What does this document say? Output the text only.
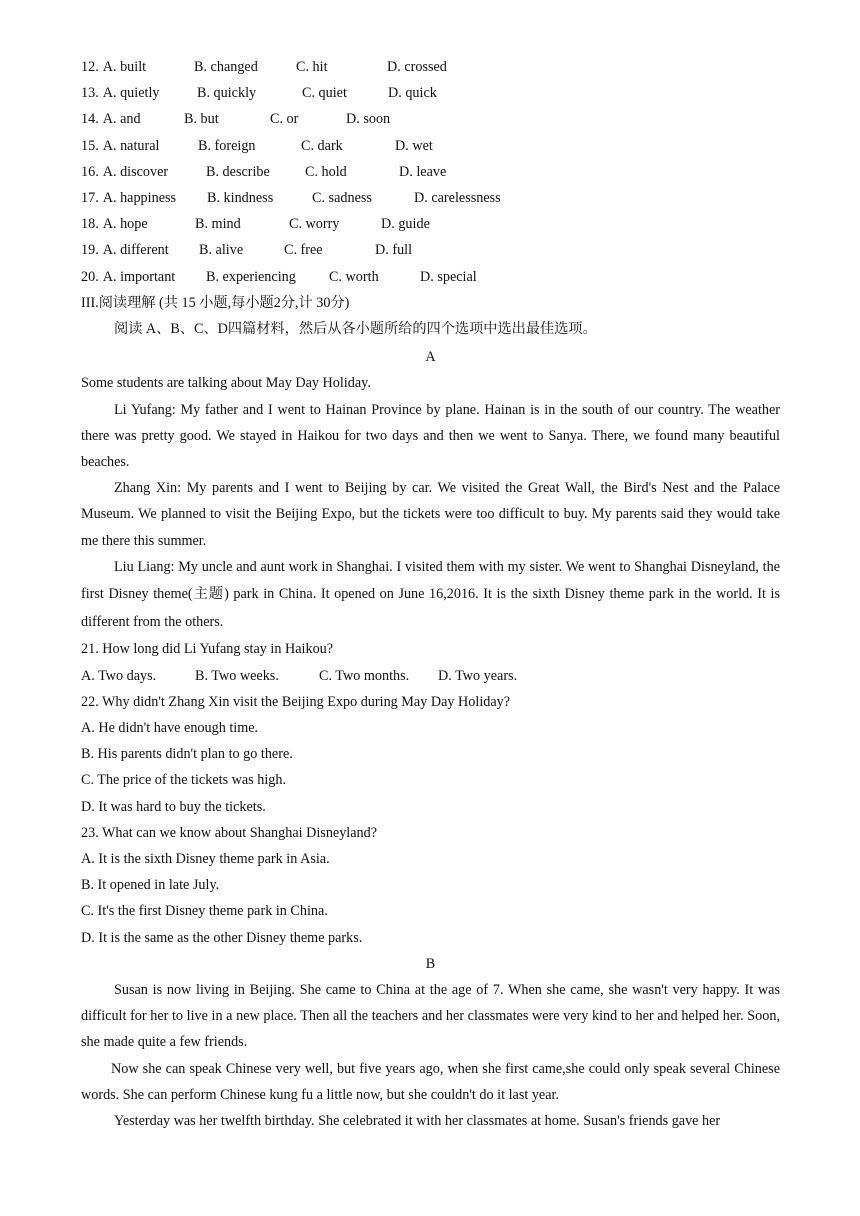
12. A. built	B. changed	C. hit	D. crossed
13. A. quietly	B. quickly	C. quiet	D. quick
14. A. and	B. but	C. or	D. soon
15. A. natural	B. foreign	C. dark	D. wet
16. A. discover	B. describe	C. hold	D. leave
17. A. happiness	B. kindness	C. sadness	D. carelessness
18. A. hope	B. mind	C. worry	D. guide
19. A. different	B. alive	C. free	D. full
20. A. important	B. experiencing	C. worth	D. special
III.阅读理解 (共 15 小题,每小题2分,计 30分)
阅读 A、B、C、D四篇材料，然后从各小题所给的四个选项中选出最佳选项。
A
Some students are talking about May Day Holiday.

Li Yufang: My father and I went to Hainan Province by plane. Hainan is in the south of our country. The weather there was pretty good. We stayed in Haikou for two days and then we went to Sanya. There, we found many beautiful beaches.

Zhang Xin: My parents and I went to Beijing by car. We visited the Great Wall, the Bird's Nest and the Palace Museum. We planned to visit the Beijing Expo, but the tickets were too difficult to buy. My parents said they would take me there this summer.

Liu Liang: My uncle and aunt work in Shanghai. I visited them with my sister. We went to Shanghai Disneyland, the first Disney theme(主题) park in China. It opened on June 16,2016. It is the sixth Disney theme park in the world. It is different from the others.

21. How long did Li Yufang stay in Haikou?
A. Two days.	B. Two weeks.	C. Two months.	D. Two years.
22. Why didn't Zhang Xin visit the Beijing Expo during May Day Holiday?
A. He didn't have enough time.
B. His parents didn't plan to go there.
C. The price of the tickets was high.
D. It was hard to buy the tickets.
23. What can we know about Shanghai Disneyland?
A. It is the sixth Disney theme park in Asia.
B. It opened in late July.
C. It's the first Disney theme park in China.
D. It is the same as the other Disney theme parks.
B

Susan is now living in Beijing. She came to China at the age of 7. When she came, she wasn't very happy. It was difficult for her to live in a new place. Then all the teachers and her classmates were very kind to her and helped her. Soon, she made quite a few friends.

Now she can speak Chinese very well, but five years ago, when she first came,she could only speak several Chinese words. She can perform Chinese kung fu a little now, but she couldn't do it last year.

Yesterday was her twelfth birthday. She celebrated it with her classmates at home. Susan's friends gave her
